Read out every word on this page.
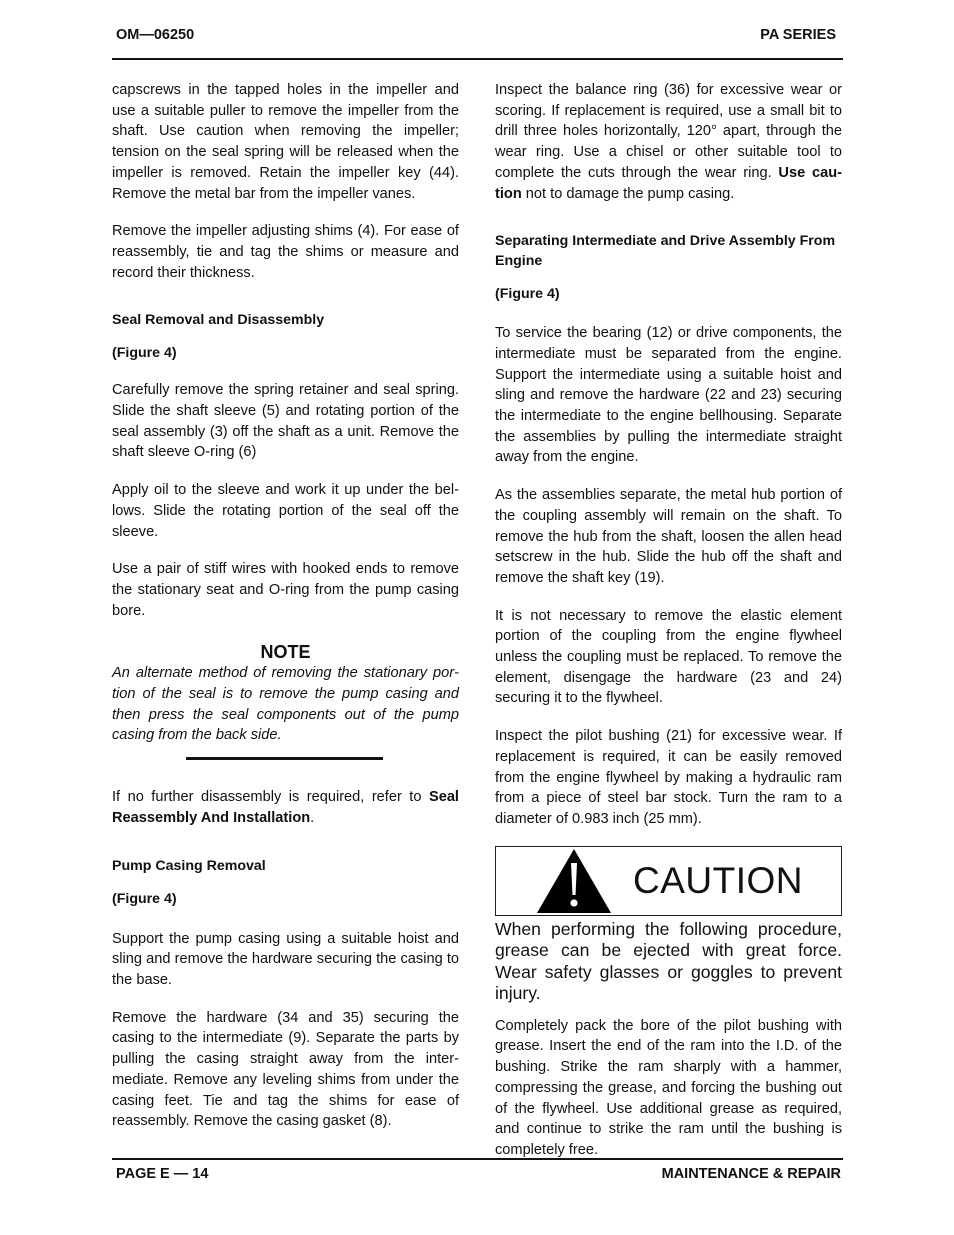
OM—06250	PA SERIES

capscrews in the tapped holes in the impeller and use a suitable puller to remove the impeller from the shaft. Use caution when removing the impeller; tension on the seal spring will be released when the impeller is removed. Retain the impeller key (44). Remove the metal bar from the impeller vanes.

Remove the impeller adjusting shims (4). For ease of reassembly, tie and tag the shims or measure and record their thickness.

Seal Removal and Disassembly

(Figure 4)

Carefully remove the spring retainer and seal spring. Slide the shaft sleeve (5) and rotating portion of the seal assembly (3) off the shaft as a unit. Remove the shaft sleeve O-ring (6)

Apply oil to the sleeve and work it up under the bellows. Slide the rotating portion of the seal off the sleeve.

Use a pair of stiff wires with hooked ends to remove the stationary seat and O-ring from the pump casing bore.

NOTE

An alternate method of removing the stationary portion of the seal is to remove the pump casing and then press the seal components out of the pump casing from the back side.

If no further disassembly is required, refer to Seal Reassembly And Installation.

Pump Casing Removal

(Figure 4)

Support the pump casing using a suitable hoist and sling and remove the hardware securing the casing to the base.

Remove the hardware (34 and 35) securing the casing to the intermediate (9). Separate the parts by pulling the casing straight away from the intermediate. Remove any leveling shims from under the casing feet. Tie and tag the shims for ease of reassembly. Remove the casing gasket (8).

Inspect the balance ring (36) for excessive wear or scoring. If replacement is required, use a small bit to drill three holes horizontally, 120° apart, through the wear ring. Use a chisel or other suitable tool to complete the cuts through the wear ring. Use caution not to damage the pump casing.

Separating Intermediate and Drive Assembly From Engine

(Figure 4)

To service the bearing (12) or drive components, the intermediate must be separated from the engine. Support the intermediate using a suitable hoist and sling and remove the hardware (22 and 23) securing the intermediate to the engine bellhousing. Separate the assemblies by pulling the intermediate straight away from the engine.

As the assemblies separate, the metal hub portion of the coupling assembly will remain on the shaft. To remove the hub from the shaft, loosen the allen head setscrew in the hub. Slide the hub off the shaft and remove the shaft key (19).

It is not necessary to remove the elastic element portion of the coupling from the engine flywheel unless the coupling must be replaced. To remove the element, disengage the hardware (23 and 24) securing it to the flywheel.

Inspect the pilot bushing (21) for excessive wear. If replacement is required, it can be easily removed from the engine flywheel by making a hydraulic ram from a piece of steel bar stock. Turn the ram to a diameter of 0.983 inch (25 mm).

CAUTION

When performing the following procedure, grease can be ejected with great force. Wear safety glasses or goggles to prevent injury.

Completely pack the bore of the pilot bushing with grease. Insert the end of the ram into the I.D. of the bushing. Strike the ram sharply with a hammer, compressing the grease, and forcing the bushing out of the flywheel. Use additional grease as required, and continue to strike the ram until the bushing is completely free.

PAGE E — 14	MAINTENANCE & REPAIR
